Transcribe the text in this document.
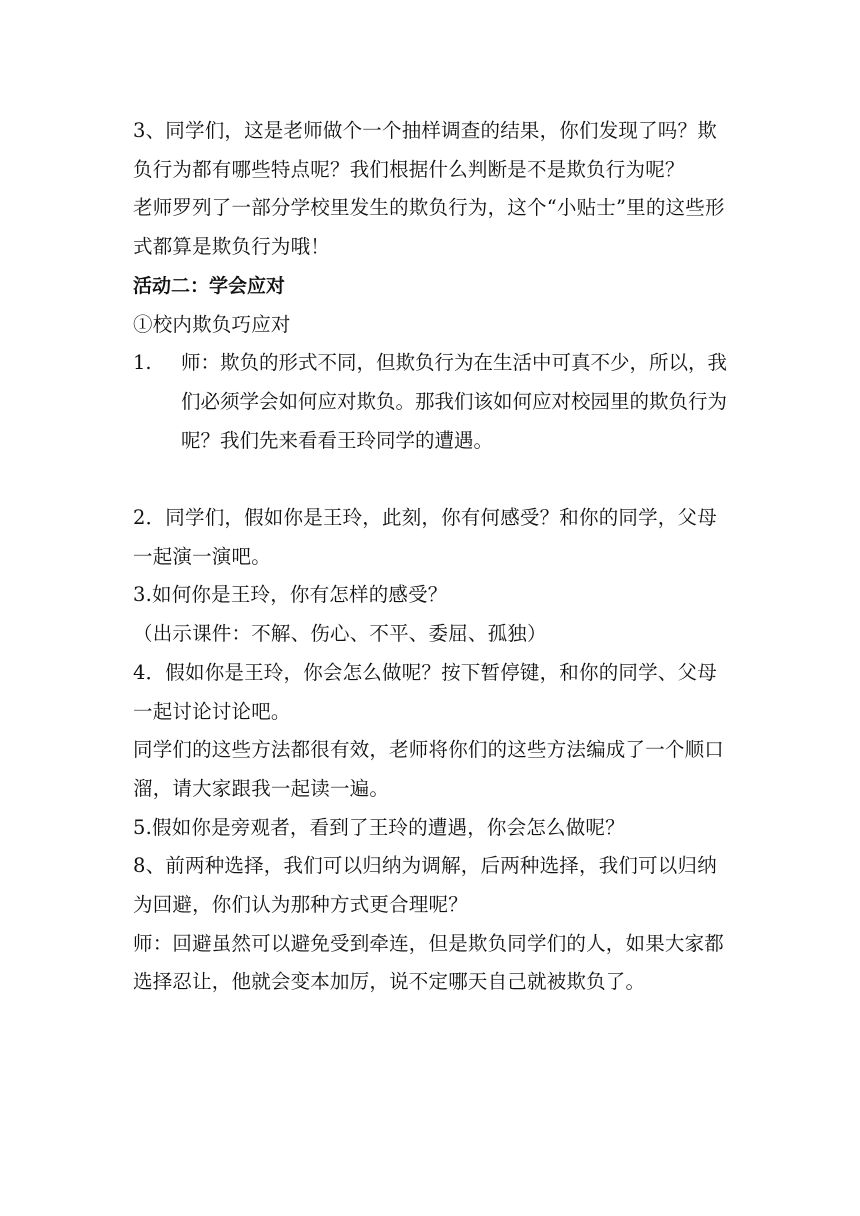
3、同学们，这是老师做个一个抽样调查的结果，你们发现了吗？欺负行为都有哪些特点呢？我们根据什么判断是不是欺负行为呢？

老师罗列了一部分学校里发生的欺负行为，这个“小贴士”里的这些形式都算是欺负行为哦！

活动二：学会应对

①校内欺负巧应对

1.	师：欺负的形式不同，但欺负行为在生活中可真不少，所以，我们必须学会如何应对欺负。那我们该如何应对校园里的欺负行为呢？我们先来看看王玲同学的遭遇。

2．同学们，假如你是王玲，此刻，你有何感受？和你的同学，父母一起演一演吧。

3.如何你是王玲，你有怎样的感受？

（出示课件：不解、伤心、不平、委屈、孤独）

4．假如你是王玲，你会怎么做呢？按下暂停键，和你的同学、父母一起讨论讨论吧。

同学们的这些方法都很有效，老师将你们的这些方法编成了一个顺口溜，请大家跟我一起读一遍。

5.假如你是旁观者，看到了王玲的遭遇，你会怎么做呢？

8、前两种选择，我们可以归纳为调解，后两种选择，我们可以归纳为回避，你们认为那种方式更合理呢？

师：回避虽然可以避免受到牵连，但是欺负同学们的人，如果大家都选择忍让，他就会变本加厉，说不定哪天自己就被欺负了。
